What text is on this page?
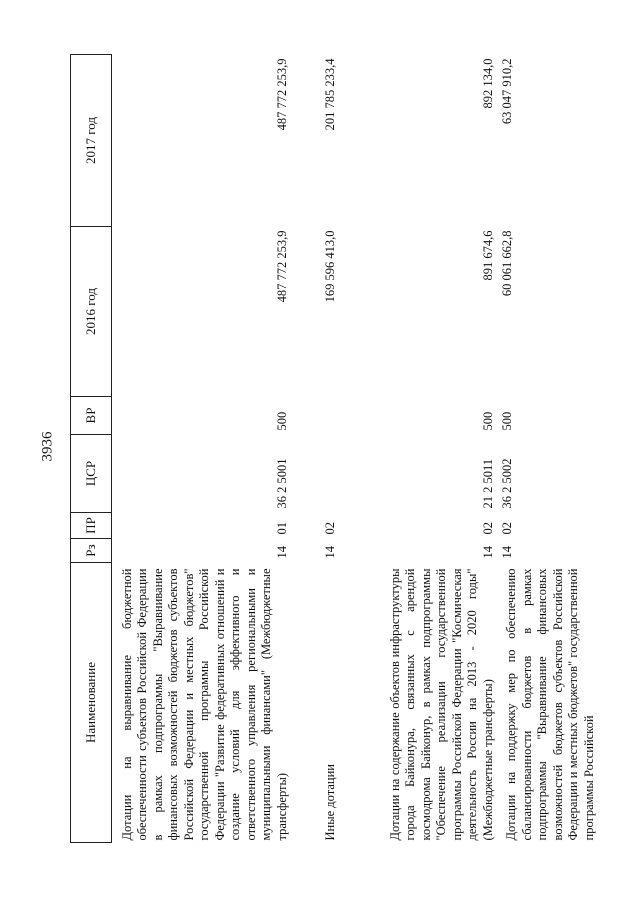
3936
Наименование	Рз	ПР	ЦСР	ВР	2016 год	2017 год
Дотации на выравнивание бюджетной обеспеченности субъектов Российской Федерации в рамках подпрограммы "Выравнивание финансовых возможностей бюджетов субъектов Российской Федерации и местных бюджетов" государственной программы Российской Федерации "Развитие федеративных отношений и создание условий для эффективного и ответственного управления региональными и муниципальными финансами" (Межбюджетные трансферты)	14	01	36 2 5001	500	487 772 253,9	487 772 253,9
Иные дотации	14	02			169 596 413,0	201 785 233,4
Дотации на содержание объектов инфраструктуры города Байконура, связанных с арендой космодрома Байконур, в рамках подпрограммы "Обеспечение реализации государственной программы Российской Федерации "Космическая деятельность России на 2013 - 2020 годы" (Межбюджетные трансферты)	14	02	21 2 5011	500	891 674,6	892 134,0
Дотации на поддержку мер по обеспечению сбалансированности бюджетов в рамках подпрограммы "Выравнивание финансовых возможностей бюджетов субъектов Российской Федерации и местных бюджетов" государственной программы Российской	14	02	36 2 5002	500	60 061 662,8	63 047 910,2
